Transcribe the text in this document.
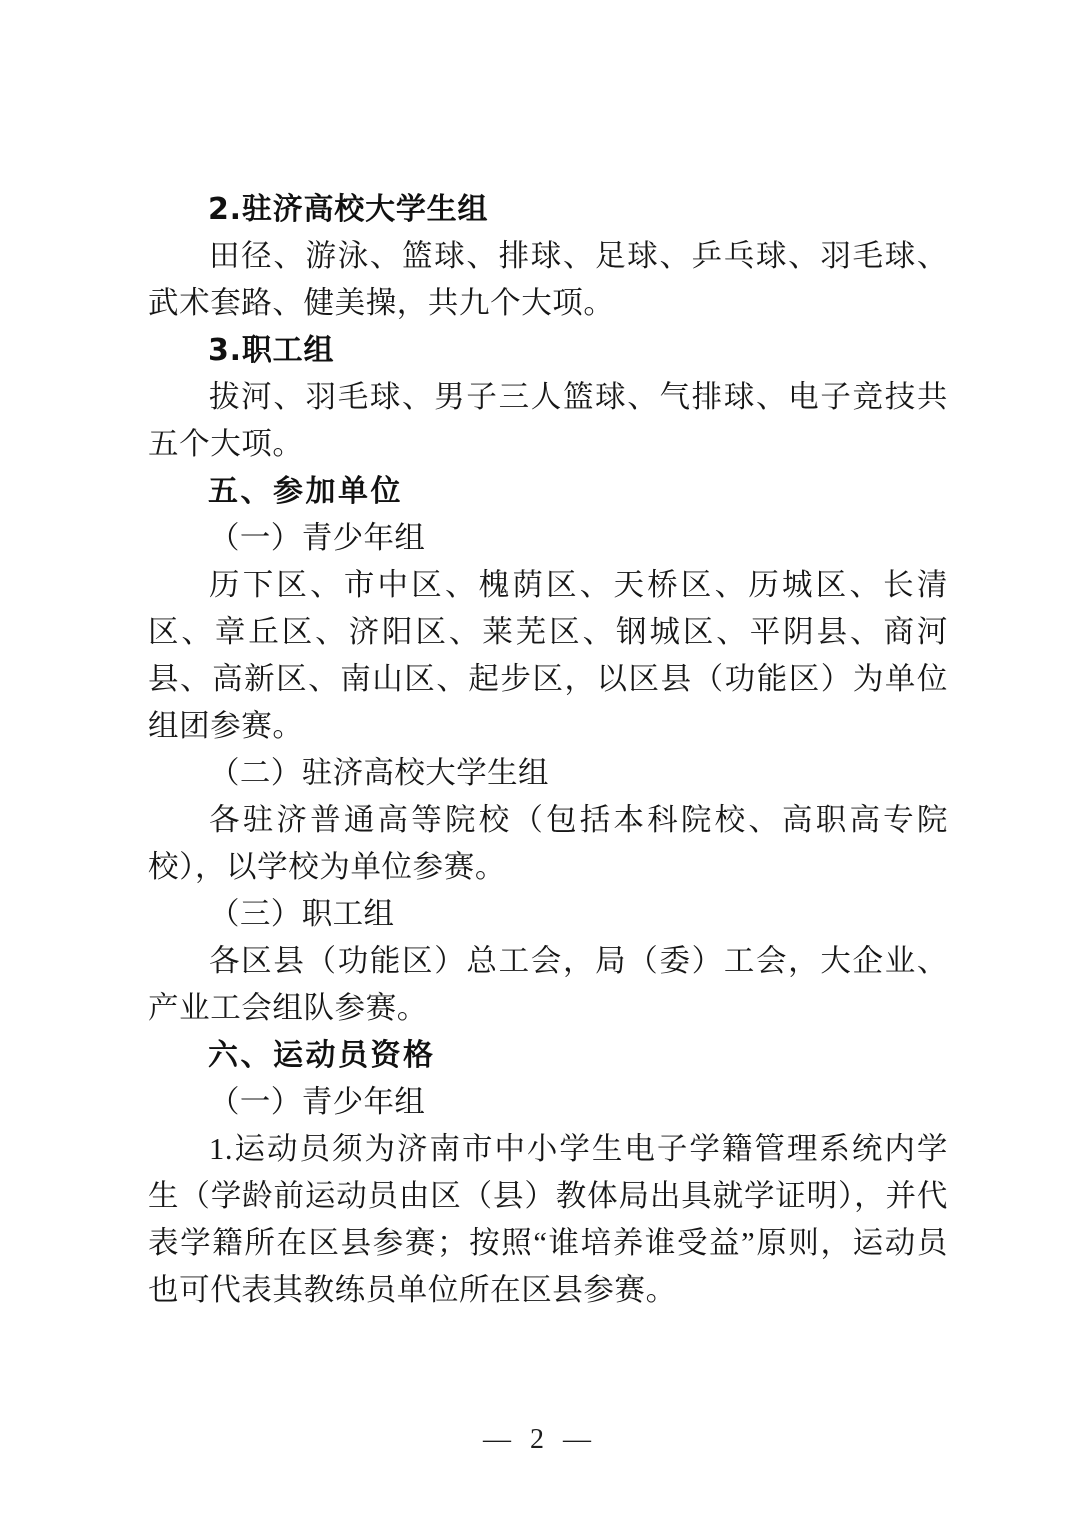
2.驻济高校大学生组

田径、游泳、篮球、排球、足球、乒乓球、羽毛球、武术套路、健美操，共九个大项。

3.职工组

拔河、羽毛球、男子三人篮球、气排球、电子竞技共五个大项。

五、参加单位

（一）青少年组

历下区、市中区、槐荫区、天桥区、历城区、长清区、章丘区、济阳区、莱芜区、钢城区、平阴县、商河县、高新区、南山区、起步区，以区县（功能区）为单位组团参赛。

（二）驻济高校大学生组

各驻济普通高等院校（包括本科院校、高职高专院校），以学校为单位参赛。

（三）职工组

各区县（功能区）总工会，局（委）工会，大企业、产业工会组队参赛。

六、运动员资格

（一）青少年组

1.运动员须为济南市中小学生电子学籍管理系统内学生（学龄前运动员由区（县）教体局出具就学证明），并代表学籍所在区县参赛；按照“谁培养谁受益”原则，运动员也可代表其教练员单位所在区县参赛。

— 2 —
